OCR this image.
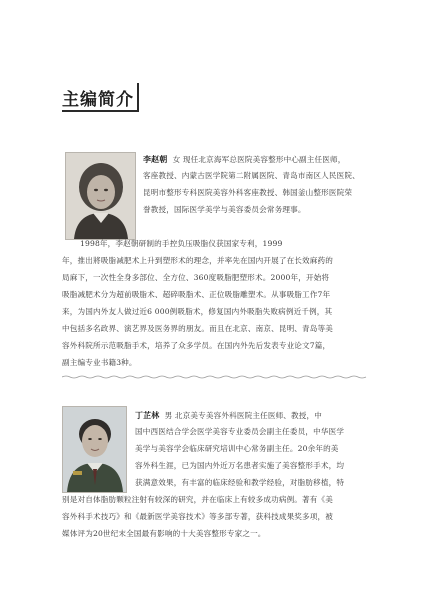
主编简介
李赵朝 女 现任北京海军总医院美容整形中心副主任医师，
客座教授、内蒙古医学院第二附属医院、青岛市南区人民医院、
昆明市整形专科医院美容外科客座教授、韩国釜山整形医院荣
誉教授，国际医学美学与美容委员会常务理事。
1998年，李赵朝研制的手控负压吸脂仪获国家专利，1999
年，推出將吸脂减肥术上升到塑形术的理念，并率先在国内开展了在长效麻药的
局麻下，一次性全身多部位、全方位、360度吸脂肥塑形术。2000年，开始将
吸脂减肥术分为超前吸脂术、超碎吸脂术、正位吸脂雕塑术。从事吸脂工作7年
来，为国内外友人做过近6 000例吸脂术，修复国内外吸脂失败病例近千例，其
中包括多名政界、演艺界及医务界的朋友。而且在北京、南京、昆明、青岛等美
容外科院所示范吸脂手术，培养了众多学员。在国内外先后发表专业论文7篇，
副主编专业书籍3种。
丁芷林 男 北京美专美容外科医院主任医师、教授，中
国中西医结合学会医学美容专业委员会副主任委员，中华医学
美学与美容学会临床研究培训中心常务副主任。20余年的美
容外科生涯，已为国内外近万名患者实施了美容整形手术，均
获满意效果，有丰富的临床经验和教学经验，对脂肪移植，特
别是对自体脂肪颗粒注射有较深的研究，并在临床上有较多成功病例。著有《美
容外科手术技巧》和《最新医学美容技术》等多部专著，获科技成果奖多项，被
媒体评为20世纪末全国最有影响的十大美容整形专家之一。
